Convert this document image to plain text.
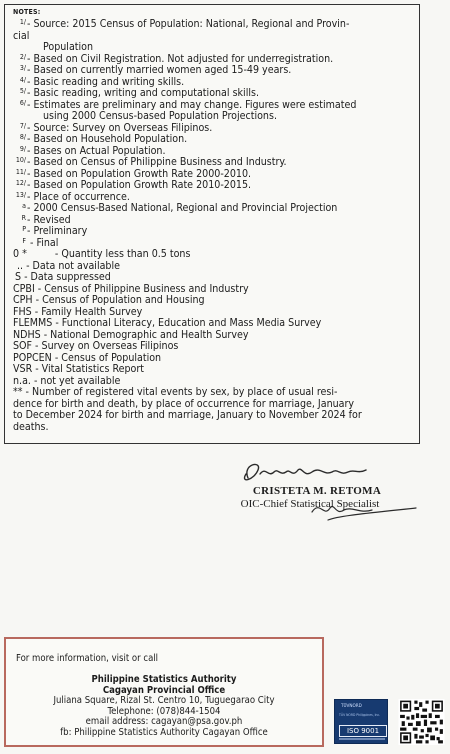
NOTES:
1/ - Source: 2015 Census of Population: National, Regional and Provin-
cial
Population
2/ - Based on Civil Registration. Not adjusted for underregistration.
3/ - Based on currently married women aged 15-49 years.
4/ - Basic reading and writing skills.
5/ - Basic reading, writing and computational skills.
6/ - Estimates are preliminary and may change. Figures were estimated
using 2000 Census-based Population Projections.
7/ - Source: Survey on Overseas Filipinos.
8/ - Based on Household Population.
9/ - Bases on Actual Population.
10/ - Based on Census of Philippine Business and Industry.
11/ - Based on Population Growth Rate 2000-2010.
12/ - Based on Population Growth Rate 2010-2015.
13/ - Place of occurrence.
a - 2000 Census-Based National, Regional and Provincial Projection
R - Revised
P - Preliminary
F - Final
0 *	- Quantity less than 0.5 tons
.. - Data not available
S - Data suppressed
CPBI - Census of Philippine Business and Industry
CPH - Census of Population and Housing
FHS - Family Health Survey
FLEMMS - Functional Literacy, Education and Mass Media Survey
NDHS - National Demographic and Health Survey
SOF - Survey on Overseas Filipinos
POPCEN - Census of Population
VSR - Vital Statistics Report
n.a. - not yet available
** - Number of registered vital events by sex, by place of usual resi-
dence for birth and death, by place of occurrence for marriage, January
to December 2024 for birth and marriage, January to November 2024 for
deaths.
CRISTETA M. RETOMA
OIC-Chief Statistical Specialist
For more information, visit or call
Philippine Statistics Authority
Cagayan Provincial Office
Juliana Square, Rizal St. Centro 10, Tuguegarao City
Telephone: (078)844-1504
email address: cagayan@psa.gov.ph
fb: Philippine Statistics Authority Cagayan Office
TÜVNORD
TÜV NORD Philippines, Inc.
ISO 9001
